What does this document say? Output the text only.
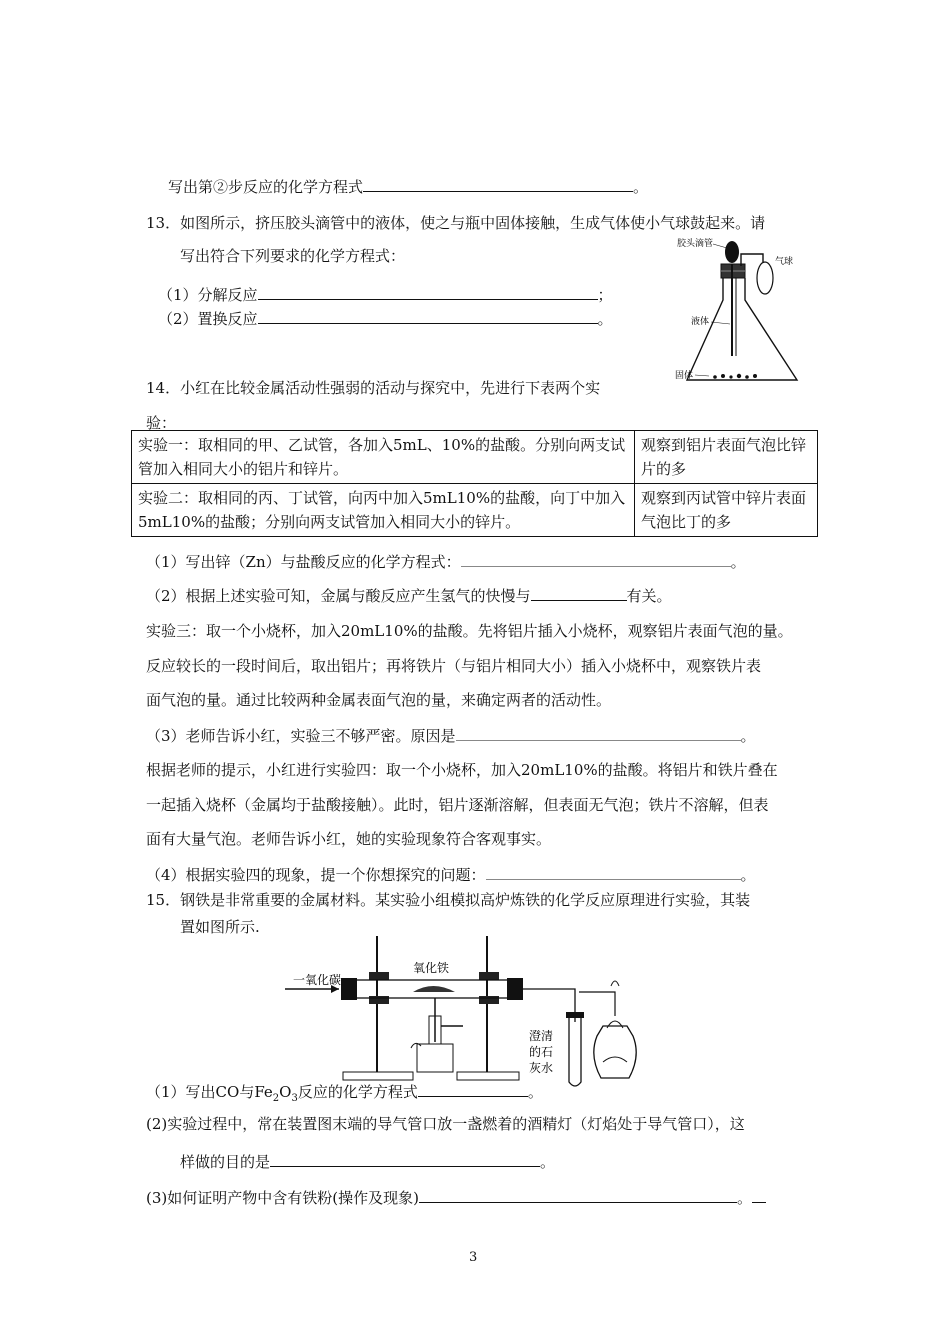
写出第②步反应的化学方程式	。
13．如图所示，挤压胶头滴管中的液体，使之与瓶中固体接触，生成气体使小气球鼓起来。请
写出符合下列要求的化学方程式：
（1）分解反应	；
（2）置换反应	。
胶头滴管
气球
液体
固体
14．小红在比较金属活动性强弱的活动与探究中，先进行下表两个实
验：
实验一：取相同的甲、乙试管，各加入5mL、10%的盐酸。分别向两支试管加入相同大小的铝片和锌片。	观察到铝片表面气泡比锌片的多
实验二：取相同的丙、丁试管，向丙中加入5mL10%的盐酸，向丁中加入5mL10%的盐酸；分别向两支试管加入相同大小的锌片。	观察到丙试管中锌片表面气泡比丁的多
（1）写出锌（Zn）与盐酸反应的化学方程式：	。
（2）根据上述实验可知，金属与酸反应产生氢气的快慢与	有关。
实验三：取一个小烧杯，加入20mL10%的盐酸。先将铝片插入小烧杯，观察铝片表面气泡的量。
反应较长的一段时间后，取出铝片；再将铁片（与铝片相同大小）插入小烧杯中，观察铁片表
面气泡的量。通过比较两种金属表面气泡的量，来确定两者的活动性。
（3）老师告诉小红，实验三不够严密。原因是	。
根据老师的提示，小红进行实验四：取一个小烧杯，加入20mL10%的盐酸。将铝片和铁片叠在
一起插入烧杯（金属均于盐酸接触）。此时，铝片逐渐溶解，但表面无气泡；铁片不溶解，但表
面有大量气泡。老师告诉小红，她的实验现象符合客观事实。
（4）根据实验四的现象，提一个你想探究的问题：	。
15．钢铁是非常重要的金属材料。某实验小组模拟高炉炼铁的化学反应原理进行实验，其装
置如图所示.
一氧化碳
氧化铁
澄清
的石
灰水
（1）写出CO与$Fe_2O_3$反应的化学方程式	。
(2)实验过程中，常在装置图末端的导气管口放一盏燃着的酒精灯（灯焰处于导气管口），这
样做的目的是	。
(3)如何证明产物中含有铁粉(操作及现象)	。
3
